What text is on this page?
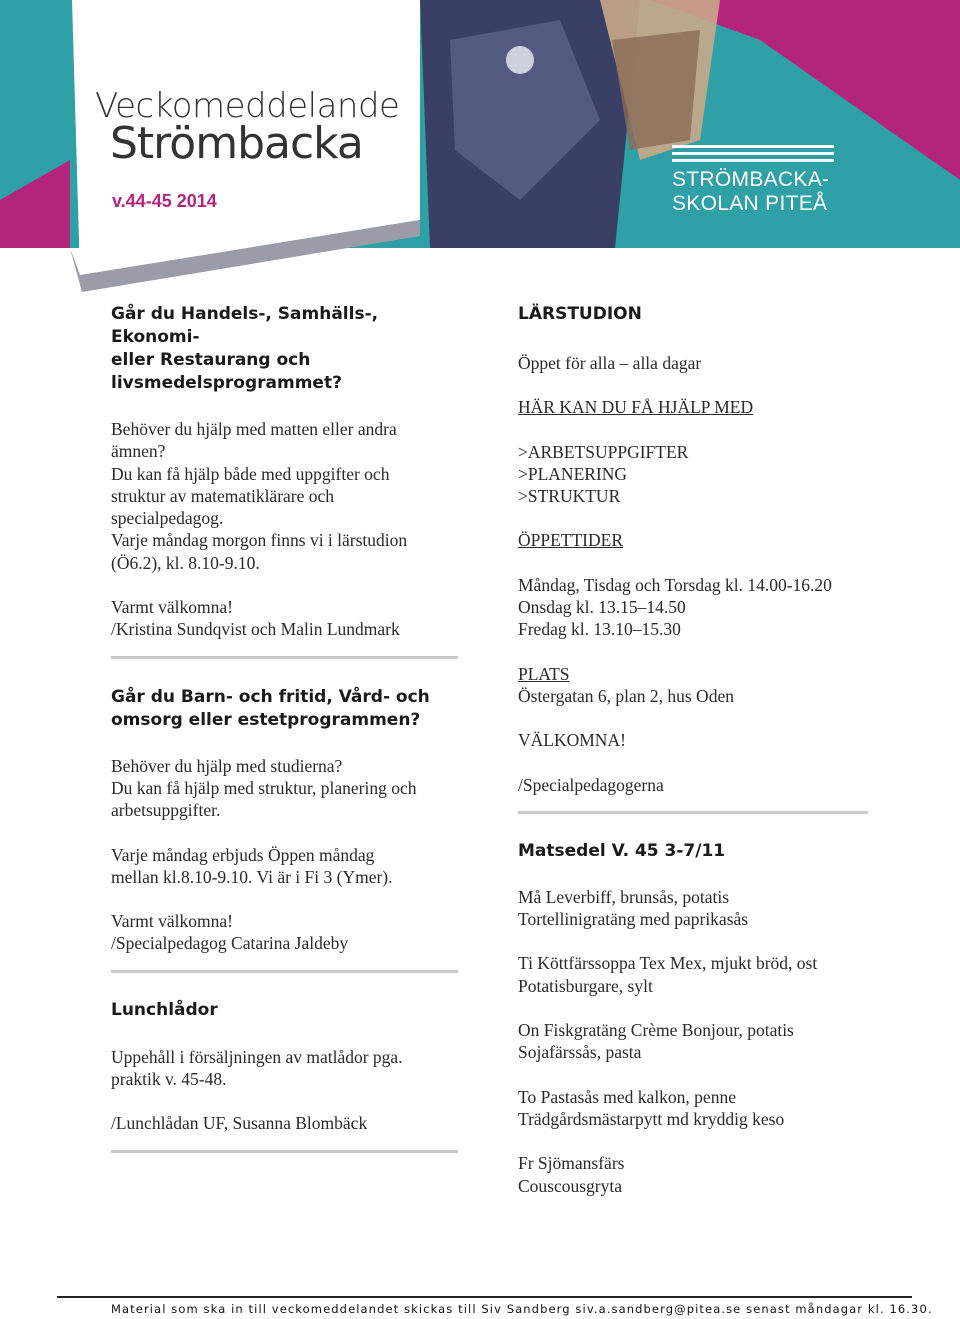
Veckomeddelande
Strömbacka
v.44-45 2014
STRÖMBACKA-
SKOLAN PITEÅ
Går du Handels-, Samhälls-, Ekonomi-
eller Restaurang och
livsmedelsprogrammet?
Behöver du hjälp med matten eller andra
ämnen?
Du kan få hjälp både med uppgifter och
struktur av matematiklärare och
specialpedagog.
Varje måndag morgon finns vi i lärstudion
(Ö6.2), kl. 8.10-9.10.
Varmt välkomna!
/Kristina Sundqvist och Malin Lundmark
Går du Barn- och fritid, Vård- och
omsorg eller estetprogrammen?
Behöver du hjälp med studierna?
Du kan få hjälp med struktur, planering och
arbetsuppgifter.
Varje måndag erbjuds Öppen måndag
mellan kl.8.10-9.10. Vi är i Fi 3 (Ymer).
Varmt välkomna!
/Specialpedagog Catarina Jaldeby
Lunchlådor
Uppehåll i försäljningen av matlådor pga.
praktik v. 45-48.
/Lunchlådan UF, Susanna Blombäck
LÄRSTUDION
Öppet för alla – alla dagar
HÄR KAN DU FÅ HJÄLP MED
>ARBETSUPPGIFTER
>PLANERING
>STRUKTUR
ÖPPETTIDER
Måndag, Tisdag och Torsdag kl. 14.00-16.20
Onsdag kl. 13.15–14.50
Fredag kl. 13.10–15.30
PLATS
Östergatan 6, plan 2, hus Oden
VÄLKOMNA!
/Specialpedagogerna
Matsedel V. 45 3-7/11
Må Leverbiff, brunsås, potatis
Tortellinigratäng med paprikasås
Ti Köttfärssoppa Tex Mex, mjukt bröd, ost
Potatisburgare, sylt
On Fiskgratäng Crème Bonjour, potatis
Sojafärssås, pasta
To Pastasås med kalkon, penne
Trädgårdsmästarpytt md kryddig keso
Fr Sjömansfärs
Couscousgryta
Material som ska in till veckomeddelandet skickas till Siv Sandberg siv.a.sandberg@pitea.se senast måndagar kl. 16.30.
